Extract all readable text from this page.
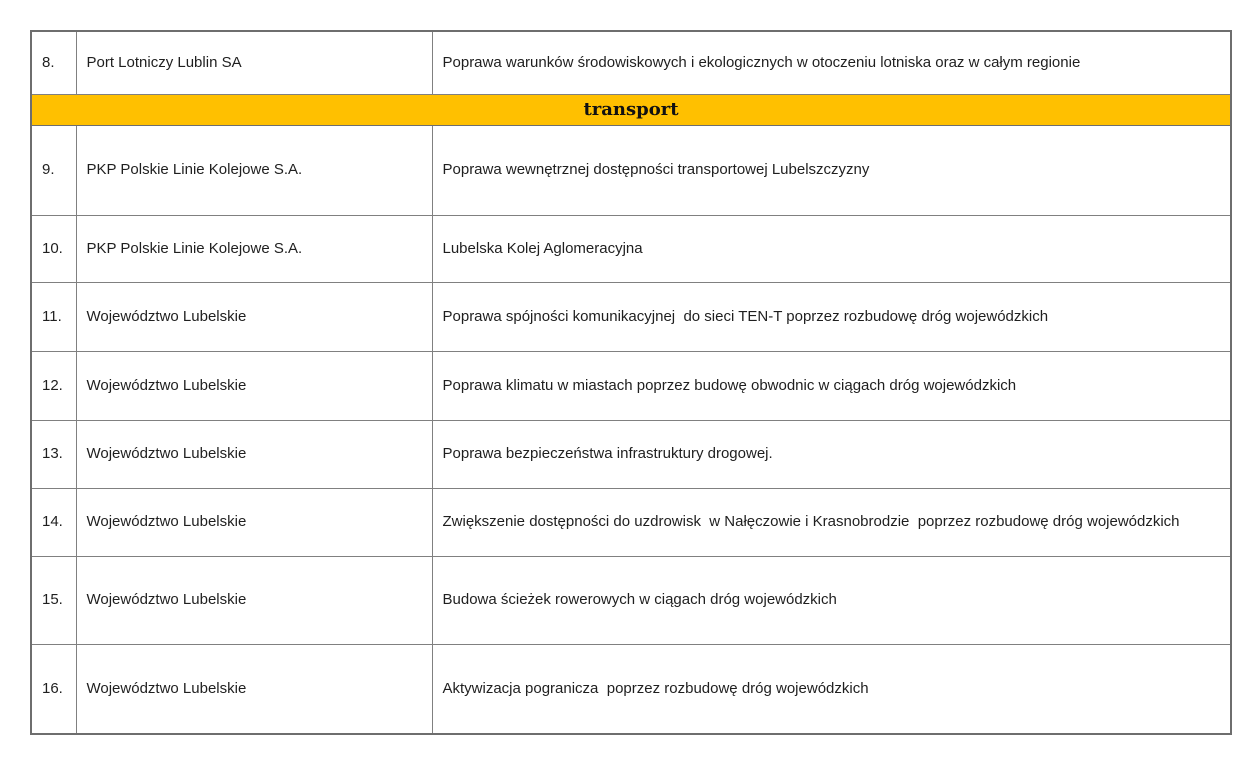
8.	Port Lotniczy Lublin SA	Poprawa warunków środowiskowych i ekologicznych w otoczeniu lotniska oraz w całym regionie
transport		
9.	PKP Polskie Linie Kolejowe S.A.	Poprawa wewnętrznej dostępności transportowej Lubelszczyzny
10.	PKP Polskie Linie Kolejowe S.A.	Lubelska Kolej Aglomeracyjna
11.	Województwo Lubelskie	Poprawa spójności komunikacyjnej  do sieci TEN-T poprzez rozbudowę dróg wojewódzkich
12.	Województwo Lubelskie	Poprawa klimatu w miastach poprzez budowę obwodnic w ciągach dróg wojewódzkich
13.	Województwo Lubelskie	Poprawa bezpieczeństwa infrastruktury drogowej.
14.	Województwo Lubelskie	Zwiększenie dostępności do uzdrowisk  w Nałęczowie i Krasnobrodzie  poprzez rozbudowę dróg wojewódzkich
15.	Województwo Lubelskie	Budowa ścieżek rowerowych w ciągach dróg wojewódzkich
16.	Województwo Lubelskie	Aktywizacja pogranicza  poprzez rozbudowę dróg wojewódzkich
